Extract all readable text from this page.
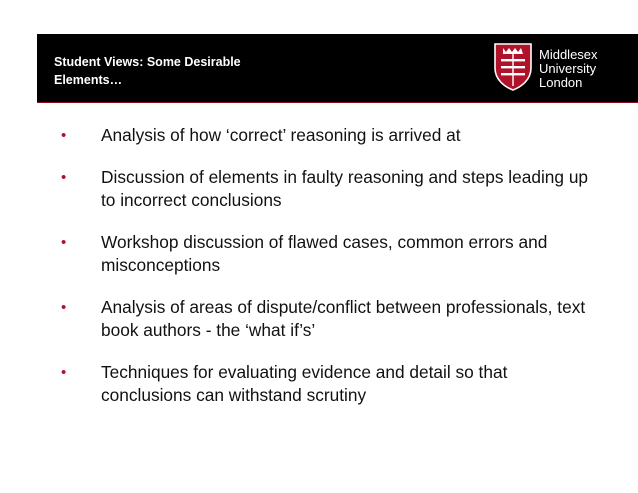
Student Views: Some Desirable
Elements…
Middlesex
University
London
• Analysis of how ‘correct’ reasoning is arrived at
• Discussion of elements in faulty reasoning and steps leading up to incorrect conclusions
• Workshop discussion of flawed cases, common errors and misconceptions
• Analysis of areas of dispute/conflict between professionals, text book authors - the ‘what if’s’
• Techniques for evaluating evidence and detail so that conclusions can withstand scrutiny
